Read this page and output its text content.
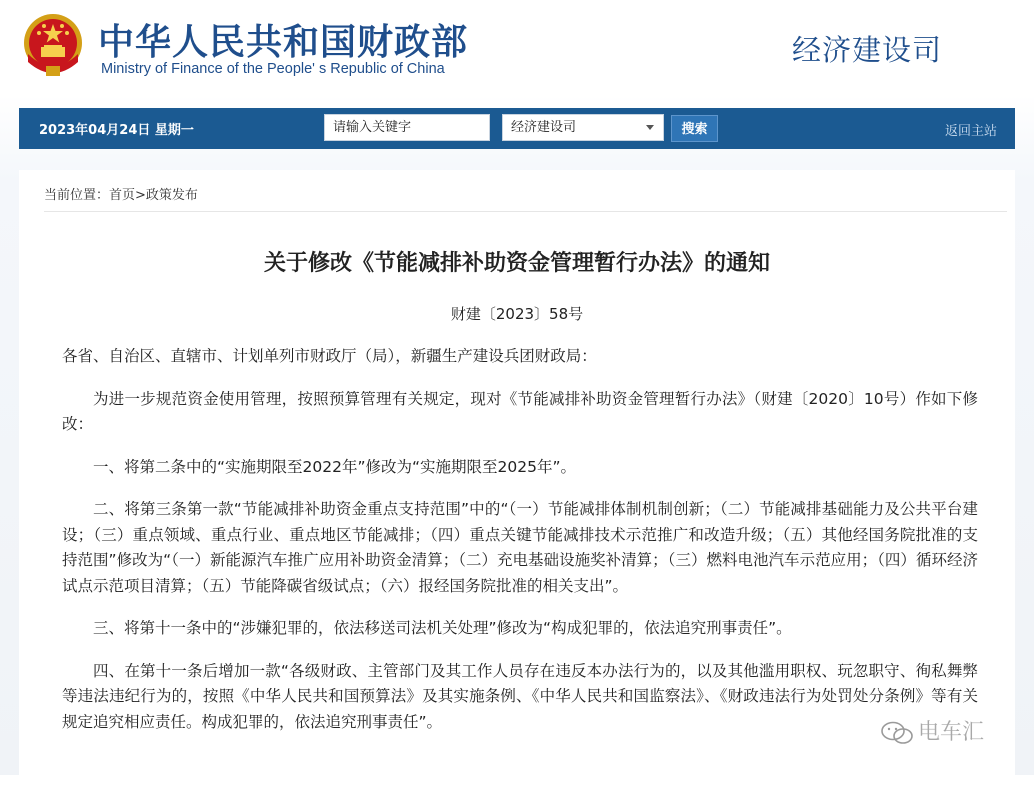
中华人民共和国财政部
Ministry of Finance of the People' s Republic of China
经济建设司
2023年04月24日 星期一	请输入关键字	经济建设司	搜索	返回主站
当前位置：首页>政策发布
关于修改《节能减排补助资金管理暂行办法》的通知
财建〔2023〕58号

各省、自治区、直辖市、计划单列市财政厅（局），新疆生产建设兵团财政局：

为进一步规范资金使用管理，按照预算管理有关规定，现对《节能减排补助资金管理暂行办法》（财建〔2020〕10号）作如下修改：

一、将第二条中的“实施期限至2022年”修改为“实施期限至2025年”。

二、将第三条第一款“节能减排补助资金重点支持范围”中的“（一）节能减排体制机制创新；（二）节能减排基础能力及公共平台建设；（三）重点领域、重点行业、重点地区节能减排；（四）重点关键节能减排技术示范推广和改造升级；（五）其他经国务院批准的支持范围”修改为“（一）新能源汽车推广应用补助资金清算；（二）充电基础设施奖补清算；（三）燃料电池汽车示范应用；（四）循环经济试点示范项目清算；（五）节能降碳省级试点；（六）报经国务院批准的相关支出”。

三、将第十一条中的“涉嫌犯罪的，依法移送司法机关处理”修改为“构成犯罪的，依法追究刑事责任”。

四、在第十一条后增加一款“各级财政、主管部门及其工作人员存在违反本办法行为的，以及其他滥用职权、玩忽职守、徇私舞弊等违法违纪行为的，按照《中华人民共和国预算法》及其实施条例、《中华人民共和国监察法》、《财政违法行为处罚处分条例》等有关规定追究相应责任。构成犯罪的，依法追究刑事责任”。	电车汇
